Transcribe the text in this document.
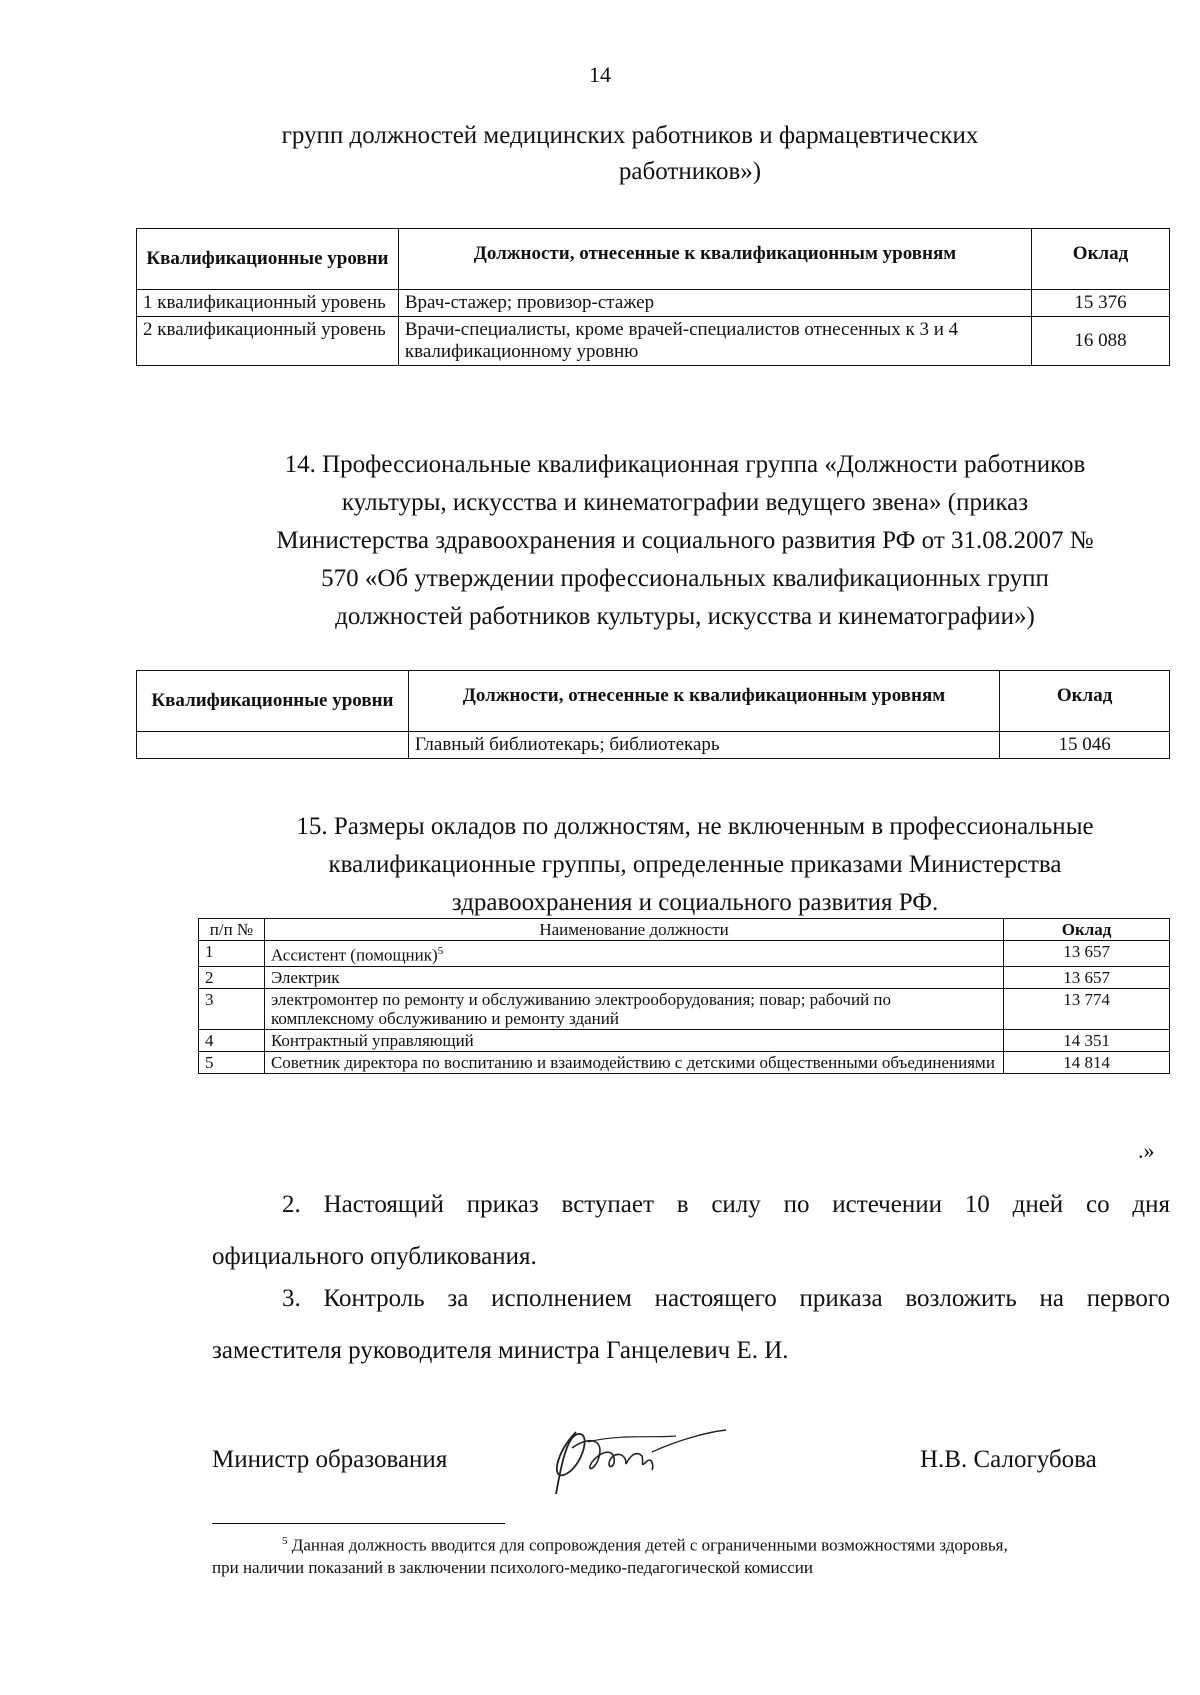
14
групп должностей медицинских работников и фармацевтических
работников»)
Квалификационные уровни	Должности, отнесенные к квалификационным уровням	Оклад
1 квалификационный уровень	Врач-стажер; провизор-стажер	15 376
2 квалификационный уровень	Врачи-специалисты, кроме врачей-специалистов отнесенных к 3 и 4 квалификационному уровню	16 088
14. Профессиональные квалификационная группа «Должности работников
культуры, искусства и кинематографии ведущего звена» (приказ
Министерства здравоохранения и социального развития РФ от 31.08.2007 №
570 «Об утверждении профессиональных квалификационных групп
должностей работников культуры, искусства и кинематографии»)
Квалификационные уровни	Должности, отнесенные к квалификационным уровням	Оклад
	Главный библиотекарь; библиотекарь	15 046
15. Размеры окладов по должностям, не включенным в профессиональные
квалификационные группы, определенные приказами Министерства
здравоохранения и социального развития РФ.
п/п №	Наименование должности	Оклад
1	Ассистент (помощник)$^5$	13 657
2	Электрик	13 657
3	электромонтер по ремонту и обслуживанию электрооборудования; повар; рабочий по комплексному обслуживанию и ремонту зданий	13 774
4	Контрактный управляющий	14 351
5	Советник директора по воспитанию и взаимодействию с детскими общественными объединениями	14 814
.»
2. Настоящий приказ вступает в силу по истечении 10 дней со дня
официального опубликования.
3. Контроль за исполнением настоящего приказа возложить на первого
заместителя руководителя министра Ганцелевич Е. И.
Министр образования	Н.В. Салогубова
$^5$ Данная должность вводится для сопровождения детей с ограниченными возможностями здоровья,
при наличии показаний в заключении психолого-медико-педагогической комиссии
